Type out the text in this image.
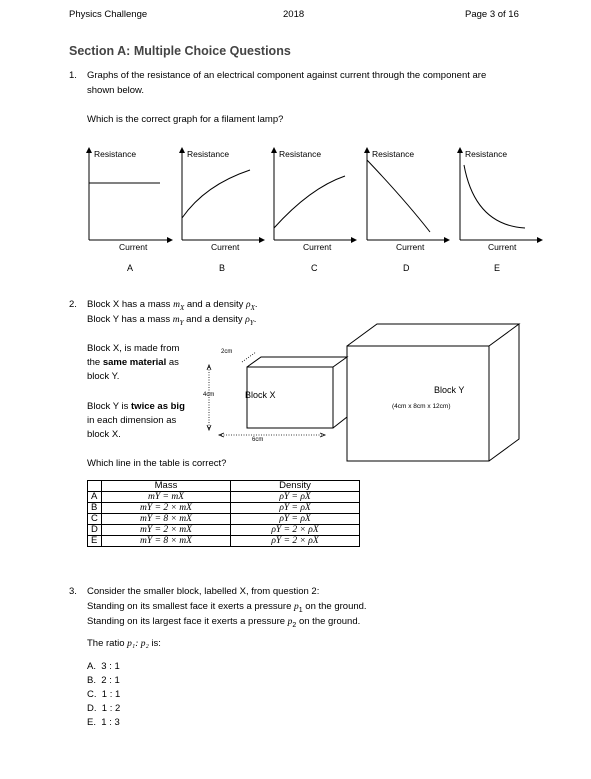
Physics Challenge	2018	Page 3 of 16
Section A: Multiple Choice Questions
1. Graphs of the resistance of an electrical component against current through the component are
shown below.
Which is the correct graph for a filament lamp?
Resistance	Resistance	Resistance	Resistance	Resistance
Current	Current	Current	Current	Current
A	B	C	D	E
2. Block X has a mass $m_X$ and a density $\rho_X$.
Block Y has a mass $m_Y$ and a density $\rho_Y$.
Block X, is made from
the same material as
block Y.
Block Y is twice as big
in each dimension as
block X.
Block X
2cm
4cm
6cm
Block Y
(4cm x 8cm x 12cm)
Which line in the table is correct?
	Mass	Density
A	mY = mX	ρY = ρX
B	mY = 2 × mX	ρY = ρX
C	mY = 8 × mX	ρY = ρX
D	mY = 2 × mX	ρY = 2 × ρX
E	mY = 8 × mX	ρY = 2 × ρX
3. Consider the smaller block, labelled X, from question 2:
Standing on its smallest face it exerts a pressure $p_1$ on the ground.
Standing on its largest face it exerts a pressure $p_2$ on the ground.
The ratio p₁: p₂ is:
A. 3 : 1
B. 2 : 1
C. 1 : 1
D. 1 : 2
E. 1 : 3
